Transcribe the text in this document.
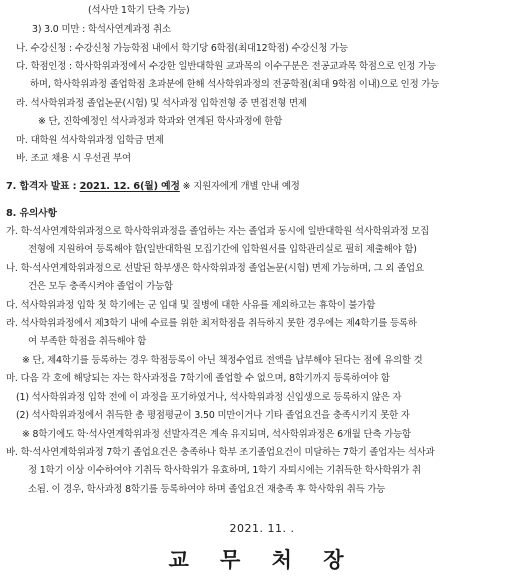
(석사만 1학기 단축 가능)
3) 3.0 미만 : 학석사연계과정 취소
나. 수강신청 : 수강신청 가능학점 내에서 학기당 6학점(최대12학점) 수강신청 가능
다. 학점인정 : 학사학위과정에서 수강한 일반대학원 교과목의 이수구분은 전공교과목 학점으로 인정 가능
하며, 학사학위과정 졸업학점 초과분에 한해 석사학위과정의 전공학점(최대 9학점 이내)으로 인정 가능
라. 석사학위과정 졸업논문(시험) 및 석사과정 입학전형 중 면접전형 면제
※ 단, 진학예정인 석사과정과 학과와 연계된 학사과정에 한함
마. 대학원 석사학위과정 입학금 면제
바. 조교 채용 시 우선권 부여
7. 합격자 발표 : 2021. 12. 6(월) 예정 ※ 지원자에게 개별 안내 예정
8. 유의사항
가. 학·석사연계학위과정으로 학사학위과정을 졸업하는 자는 졸업과 동시에 일반대학원 석사학위과정 모집
전형에 지원하여 등록해야 함(일반대학원 모집기간에 입학원서를 입학관리실로 필히 제출해야 함)
나. 학·석사연계학위과정으로 선발된 학부생은 학사학위과정 졸업논문(시험) 면제 가능하며, 그 외 졸업요
건은 모두 충족시켜야 졸업이 가능함
다. 석사학위과정 입학 첫 학기에는 군 입대 및 질병에 대한 사유를 제외하고는 휴학이 불가함
라. 석사학위과정에서 제3학기 내에 수료를 위한 최저학점을 취득하지 못한 경우에는 제4학기를 등록하
여 부족한 학점을 취득해야 함
※ 단, 제4학기를 등록하는 경우 학점등록이 아닌 책정수업료 전액을 납부해야 된다는 점에 유의할 것
마. 다음 각 호에 해당되는 자는 학사과정을 7학기에 졸업할 수 없으며, 8학기까지 등록하여야 함
(1) 석사학위과정 입학 전에 이 과정을 포기하였거나, 석사학위과정 신입생으로 등록하지 않은 자
(2) 석사학위과정에서 취득한 총 평점평균이 3.50 미만이거나 기타 졸업요건을 충족시키지 못한 자
※ 8학기에도 학·석사연계학위과정 선발자격은 계속 유지되며, 석사학위과정은 6개월 단축 가능함
바. 학·석사연계학위과정 7학기 졸업요건은 충족하나 학부 조기졸업요건이 미달하는 7학기 졸업자는 석사과
정 1학기 이상 이수하여야 기취득 학사학위가 유효하며, 1학기 자퇴시에는 기취득한 학사학위가 취
소됨. 이 경우, 학사과정 8학기를 등록하여야 하며 졸업요건 재충족 후 학사학위 취득 가능
2021. 11. .
교 무 처 장
